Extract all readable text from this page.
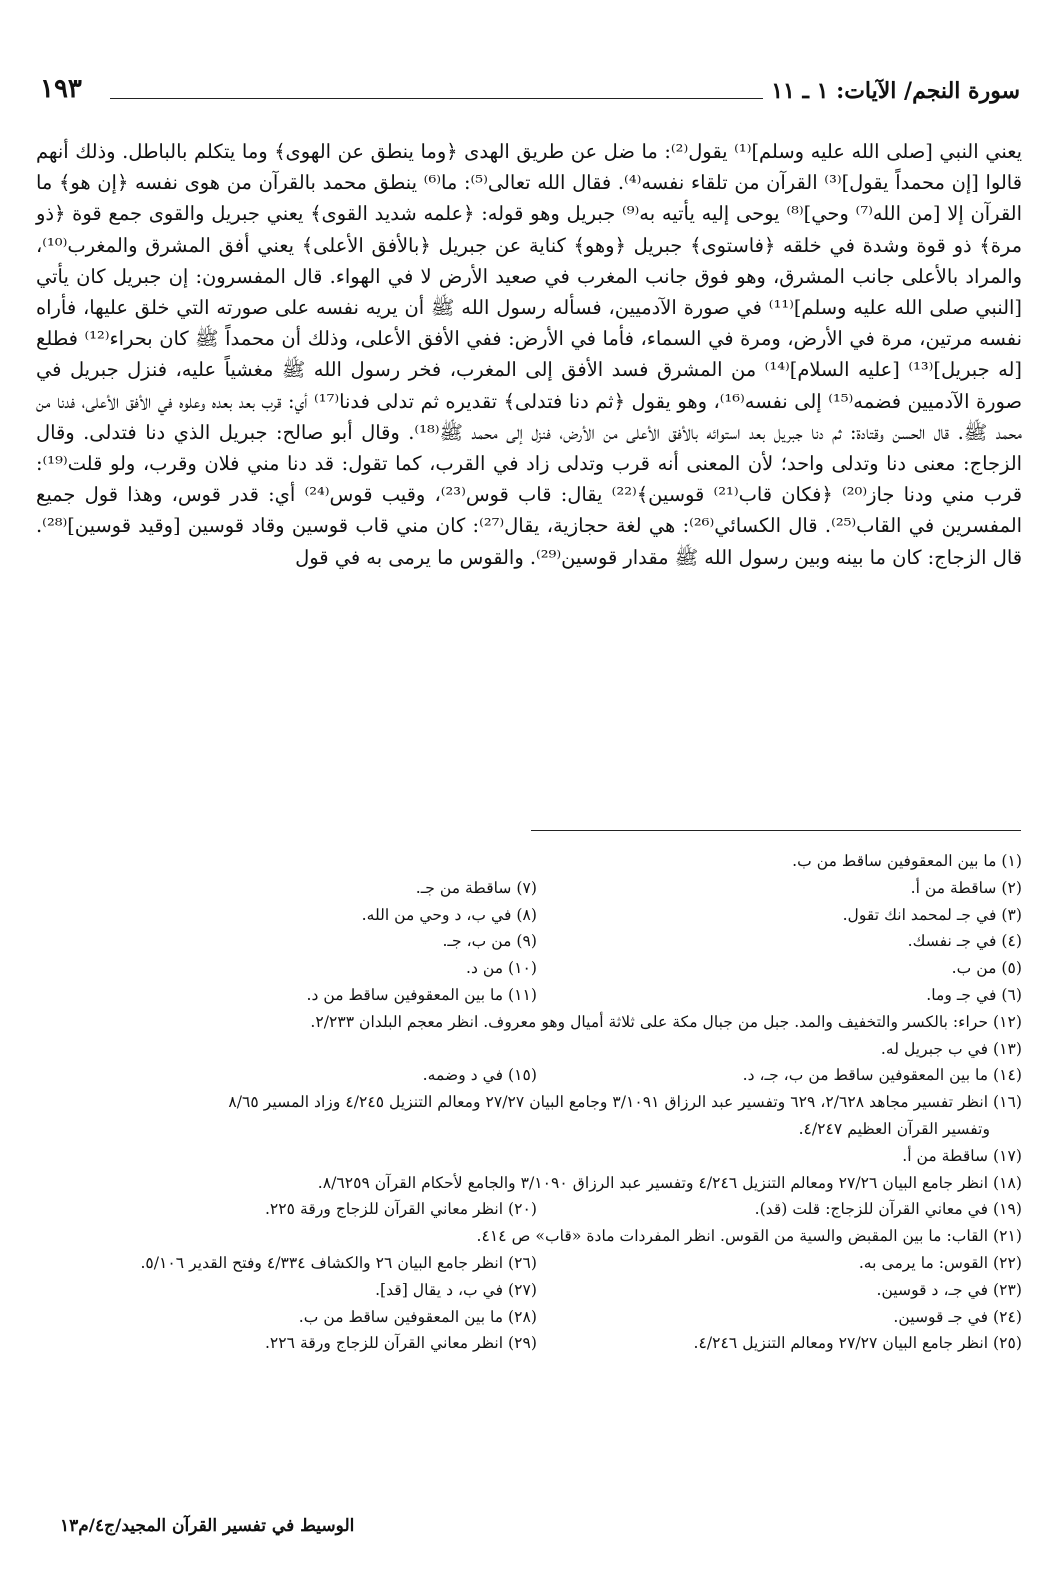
سورة النجم/ الآيات: ١ ـ ١١
١٩٣

يعني النبي [صلى الله عليه وسلم]⁽¹⁾ يقول⁽²⁾: ما ضل عن طريق الهدى ﴿وما ينطق عن الهوى﴾ وما يتكلم بالباطل. وذلك أنهم قالوا [إن محمداً يقول]⁽³⁾ القرآن من تلقاء نفسه⁽⁴⁾. فقال الله تعالى⁽⁵⁾: ما⁽⁶⁾ ينطق محمد بالقرآن من هوى نفسه ﴿إن هو﴾ ما القرآن إلا [من الله⁽⁷⁾ وحي]⁽⁸⁾ يوحى إليه يأتيه به⁽⁹⁾ جبريل وهو قوله: ﴿علمه شديد القوى﴾ يعني جبريل والقوى جمع قوة ﴿ذو مرة﴾ ذو قوة وشدة في خلقه ﴿فاستوى﴾ جبريل ﴿وهو﴾ كناية عن جبريل ﴿بالأفق الأعلى﴾ يعني أفق المشرق والمغرب⁽¹⁰⁾، والمراد بالأعلى جانب المشرق، وهو فوق جانب المغرب في صعيد الأرض لا في الهواء. قال المفسرون: إن جبريل كان يأتي [النبي صلى الله عليه وسلم]⁽¹¹⁾ في صورة الآدميين، فسأله رسول الله ﷺ أن يريه نفسه على صورته التي خلق عليها، فأراه نفسه مرتين، مرة في الأرض، ومرة في السماء، فأما في الأرض: ففي الأفق الأعلى، وذلك أن محمداً ﷺ كان بحراء⁽¹²⁾ فطلع [له جبريل]⁽¹³⁾ [عليه السلام]⁽¹⁴⁾ من المشرق فسد الأفق إلى المغرب، فخر رسول الله ﷺ مغشياً عليه، فنزل جبريل في صورة الآدميين فضمه⁽¹⁵⁾ إلى نفسه⁽¹⁶⁾، وهو يقول ﴿ثم دنا فتدلى﴾ تقديره ثم تدلى فدنا⁽¹⁷⁾ أي: قرب بعد بعده وعلوه في الأفق الأعلى، فدنا من محمد ﷺ. قال الحسن وقتادة: ثم دنا جبريل بعد استوائه بالأفق الأعلى من الأرض، فنزل إلى محمد ﷺ⁽¹⁸⁾. وقال أبو صالح: جبريل الذي دنا فتدلى. وقال الزجاج: معنى دنا وتدلى واحد؛ لأن المعنى أنه قرب وتدلى زاد في القرب، كما تقول: قد دنا مني فلان وقرب، ولو قلت⁽¹⁹⁾: قرب مني ودنا جاز⁽²⁰⁾ ﴿فكان قاب⁽²¹⁾ قوسين﴾⁽²²⁾ يقال: قاب قوس⁽²³⁾، وقيب قوس⁽²⁴⁾ أي: قدر قوس، وهذا قول جميع المفسرين في القاب⁽²⁵⁾. قال الكسائي⁽²⁶⁾: هي لغة حجازية، يقال⁽²⁷⁾: كان مني قاب قوسين وقاد قوسين [وقيد قوسين]⁽²⁸⁾. قال الزجاج: كان ما بينه وبين رسول الله ﷺ مقدار قوسين⁽²⁹⁾. والقوس ما يرمى به في قول

(١) ما بين المعقوفين ساقط من ب.
(٢) ساقطة من أ.
(٧) ساقطة من جـ.
(٣) في جـ لمحمد انك تقول.
(٨) في ب، د وحي من الله.
(٤) في جـ نفسك.
(٩) من ب، جـ.
(٥) من ب.
(١٠) من د.
(٦) في جـ وما.
(١١) ما بين المعقوفين ساقط من د.
(١٢) حراء: بالكسر والتخفيف والمد. جبل من جبال مكة على ثلاثة أميال وهو معروف. انظر معجم البلدان ٢/٢٣٣.
(١٣) في ب جبريل له.
(١٤) ما بين المعقوفين ساقط من ب، جـ، د.
(١٥) في د وضمه.
(١٦) انظر تفسير مجاهد ٢/٦٢٨، ٦٢٩ وتفسير عبد الرزاق ٣/١٠٩١ وجامع البيان ٢٧/٢٧ ومعالم التنزيل ٤/٢٤٥ وزاد المسير ٨/٦٥
وتفسير القرآن العظيم ٤/٢٤٧.
(١٧) ساقطة من أ.
(١٨) انظر جامع البيان ٢٧/٢٦ ومعالم التنزيل ٤/٢٤٦ وتفسير عبد الرزاق ٣/١٠٩٠ والجامع لأحكام القرآن ٨/٦٢٥٩.
(١٩) في معاني القرآن للزجاج: قلت (قد).
(٢٠) انظر معاني القرآن للزجاج ورقة ٢٢٥.
(٢١) القاب: ما بين المقبض والسية من القوس. انظر المفردات مادة «قاب» ص ٤١٤.
(٢٢) القوس: ما يرمى به.
(٢٦) انظر جامع البيان ٢٦ والكشاف ٤/٣٣٤ وفتح القدير ٥/١٠٦.
(٢٣) في جـ، د قوسين.
(٢٧) في ب، د يقال [قد].
(٢٤) في جـ قوسين.
(٢٨) ما بين المعقوفين ساقط من ب.
(٢٥) انظر جامع البيان ٢٧/٢٧ ومعالم التنزيل ٤/٢٤٦.
(٢٩) انظر معاني القرآن للزجاج ورقة ٢٢٦.
الوسيط في تفسير القرآن المجيد/ج٤/م١٣
